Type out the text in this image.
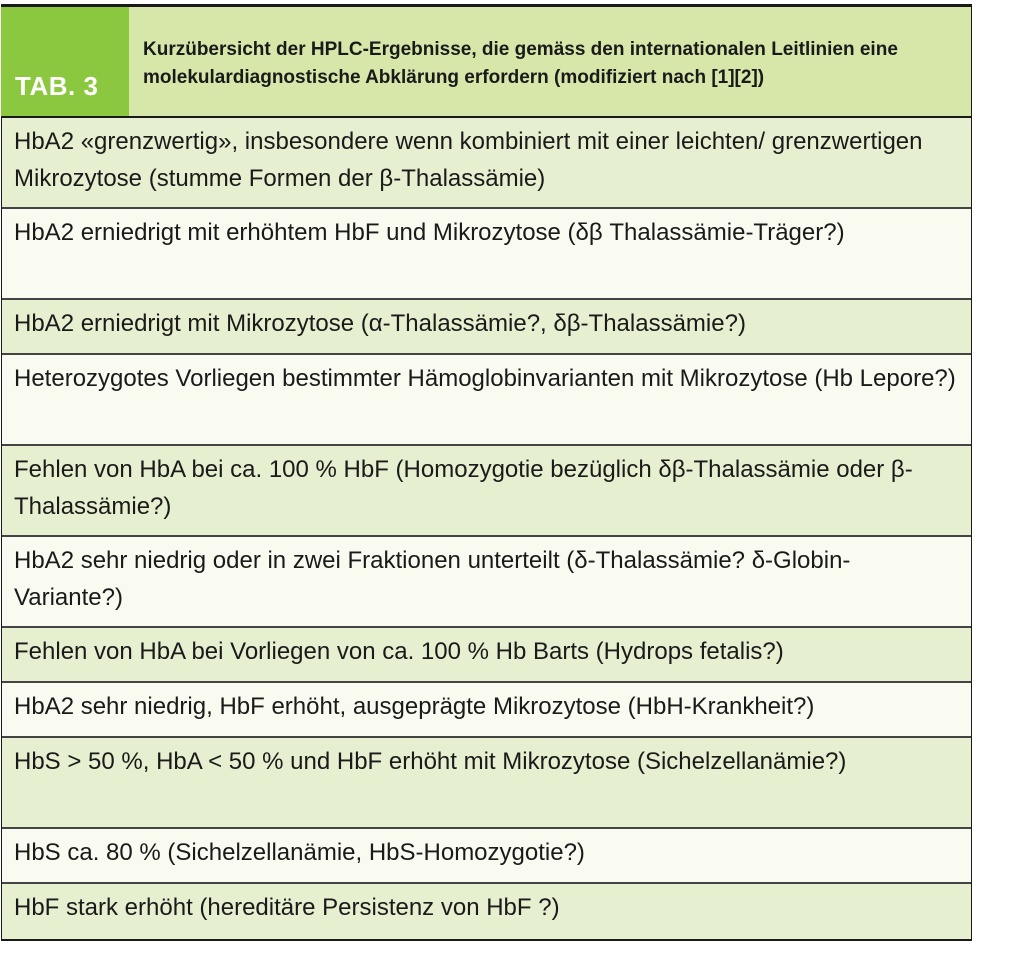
TAB. 3
Kurzübersicht der HPLC-Ergebnisse, die gemäss den internationalen Leitlinien eine molekulardiagnostische Abklärung erfordern (modifiziert nach [1][2])
HbA2 «grenzwertig», insbesondere wenn kombiniert mit einer leichten/ grenzwertigen Mikrozytose (stumme Formen der β-Thalassämie)
HbA2 erniedrigt mit erhöhtem HbF und Mikrozytose (δβ Thalassämie-Träger?)
HbA2 erniedrigt mit Mikrozytose (α-Thalassämie?, δβ-Thalassämie?)
Heterozygotes Vorliegen bestimmter Hämoglobinvarianten mit Mikrozytose (Hb Lepore?)
Fehlen von HbA bei ca. 100 % HbF (Homozygotie bezüglich δβ-Thalassämie oder β-Thalassämie?)
HbA2 sehr niedrig oder in zwei Fraktionen unterteilt (δ-Thalassämie? δ-Globin-Variante?)
Fehlen von HbA bei Vorliegen von ca. 100 % Hb Barts (Hydrops fetalis?)
HbA2 sehr niedrig, HbF erhöht, ausgeprägte Mikrozytose (HbH-Krankheit?)
HbS > 50 %, HbA < 50 % und HbF erhöht mit Mikrozytose (Sichelzellanämie?)
HbS ca. 80 % (Sichelzellanämie, HbS-Homozygotie?)
HbF stark erhöht (hereditäre Persistenz von HbF ?)
